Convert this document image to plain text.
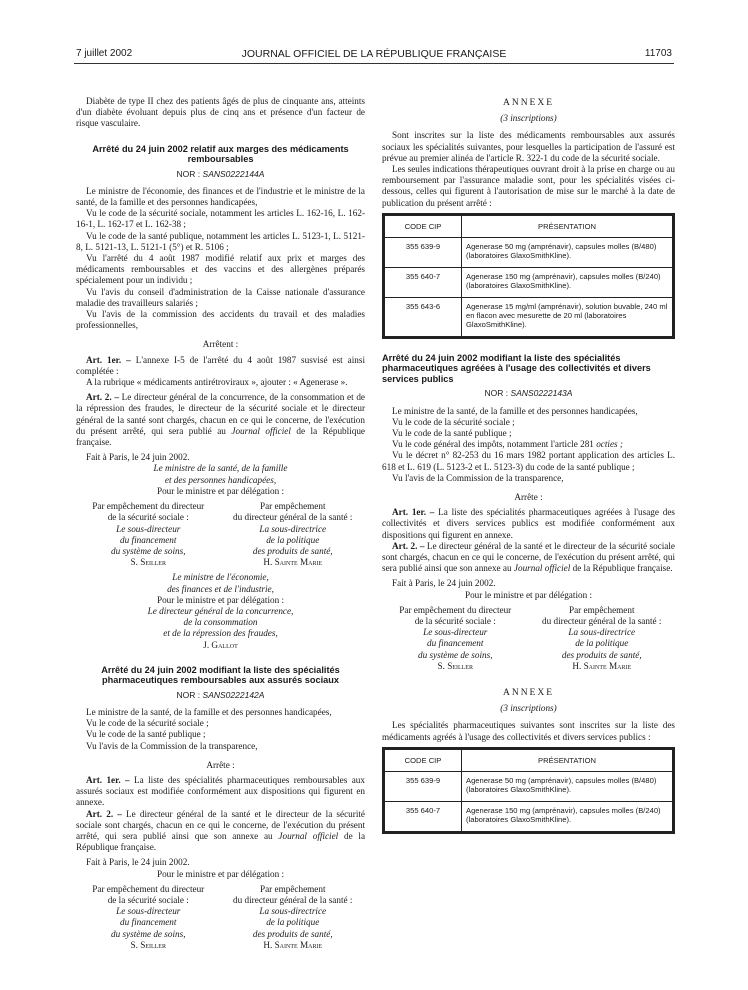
7 juillet 2002	JOURNAL OFFICIEL DE LA RÉPUBLIQUE FRANÇAISE	11703

Diabète de type II chez des patients âgés de plus de cinquante ans, atteints d'un diabète évoluant depuis plus de cinq ans et présence d'un facteur de risque vasculaire.

Arrêté du 24 juin 2002 relatif aux marges des médicaments remboursables
NOR : SANS0222144A

Le ministre de l'économie, des finances et de l'industrie et le ministre de la santé, de la famille et des personnes handicapées,

Vu le code de la sécurité sociale, notamment les articles L. 162-16, L. 162-16-1, L. 162-17 et L. 162-38 ;

Vu le code de la santé publique, notamment les articles L. 5123-1, L. 5121-8, L. 5121-13, L. 5121-1 (5°) et R. 5106 ;

Vu l'arrêté du 4 août 1987 modifié relatif aux prix et marges des médicaments remboursables et des vaccins et des allergènes préparés spécialement pour un individu ;

Vu l'avis du conseil d'administration de la Caisse nationale d'assurance maladie des travailleurs salariés ;

Vu l'avis de la commission des accidents du travail et des maladies professionnelles,

Arrêtent :

Art. 1er. – L'annexe I-5 de l'arrêté du 4 août 1987 susvisé est ainsi complétée :

A la rubrique « médicaments antirétroviraux », ajouter : « Agenerase ».

Art. 2. – Le directeur général de la concurrence, de la consommation et de la répression des fraudes, le directeur de la sécurité sociale et le directeur général de la santé sont chargés, chacun en ce qui le concerne, de l'exécution du présent arrêté, qui sera publié au Journal officiel de la République française.

Fait à Paris, le 24 juin 2002.

Le ministre de la santé, de la famille

et des personnes handicapées,

Pour le ministre et par délégation :

Par empêchement du directeur

de la sécurité sociale :

Le sous-directeur

du financement

du système de soins,

S. Seiller

Par empêchement

du directeur général de la santé :

La sous-directrice

de la politique

des produits de santé,

H. Sainte Marie

Le ministre de l'économie,

des finances et de l'industrie,

Pour le ministre et par délégation :

Le directeur général de la concurrence,

de la consommation

et de la répression des fraudes,

J. Gallot

Arrêté du 24 juin 2002 modifiant la liste des spécialités pharmaceutiques remboursables aux assurés sociaux
NOR : SANS0222142A

Le ministre de la santé, de la famille et des personnes handicapées,

Vu le code de la sécurité sociale ;

Vu le code de la santé publique ;

Vu l'avis de la Commission de la transparence,

Arrête :

Art. 1er. – La liste des spécialités pharmaceutiques remboursables aux assurés sociaux est modifiée conformément aux dispositions qui figurent en annexe.

Art. 2. – Le directeur général de la santé et le directeur de la sécurité sociale sont chargés, chacun en ce qui le concerne, de l'exécution du présent arrêté, qui sera publié ainsi que son annexe au Journal officiel de la République française.

Fait à Paris, le 24 juin 2002.

Pour le ministre et par délégation :

Par empêchement du directeur

de la sécurité sociale :

Le sous-directeur

du financement

du système de soins,

S. Seiller

Par empêchement

du directeur général de la santé :

La sous-directrice

de la politique

des produits de santé,

H. Sainte Marie

ANNEXE
(3 inscriptions)

Sont inscrites sur la liste des médicaments remboursables aux assurés sociaux les spécialités suivantes, pour lesquelles la participation de l'assuré est prévue au premier alinéa de l'article R. 322-1 du code de la sécurité sociale.

Les seules indications thérapeutiques ouvrant droit à la prise en charge ou au remboursement par l'assurance maladie sont, pour les spécialités visées ci-dessous, celles qui figurent à l'autorisation de mise sur le marché à la date de publication du présent arrêté :

CODE CIP	PRÉSENTATION
355 639-9	Agenerase 50 mg (amprénavir), capsules molles (B/480) (laboratoires GlaxoSmithKline).
355 640-7	Agenerase 150 mg (amprénavir), capsules molles (B/240) (laboratoires GlaxoSmithKline).
355 643-6	Agenerase 15 mg/ml (amprénavir), solution buvable, 240 ml en flacon avec mesurette de 20 ml (laboratoires GlaxoSmithKline).
Arrêté du 24 juin 2002 modifiant la liste des spécialités pharmaceutiques agréées à l'usage des collectivités et divers services publics
NOR : SANS0222143A

Le ministre de la santé, de la famille et des personnes handicapées,

Vu le code de la sécurité sociale ;

Vu le code de la santé publique ;

Vu le code général des impôts, notamment l'article 281 octies ;

Vu le décret n° 82-253 du 16 mars 1982 portant application des articles L. 618 et L. 619 (L. 5123-2 et L. 5123-3) du code de la santé publique ;

Vu l'avis de la Commission de la transparence,

Arrête :

Art. 1er. – La liste des spécialités pharmaceutiques agréées à l'usage des collectivités et divers services publics est modifiée conformément aux dispositions qui figurent en annexe.

Art. 2. – Le directeur général de la santé et le directeur de la sécurité sociale sont chargés, chacun en ce qui le concerne, de l'exécution du présent arrêté, qui sera publié ainsi que son annexe au Journal officiel de la République française.

Fait à Paris, le 24 juin 2002.

Pour le ministre et par délégation :

Par empêchement du directeur

de la sécurité sociale :

Le sous-directeur

du financement

du système de soins,

S. Seiller

Par empêchement

du directeur général de la santé :

La sous-directrice

de la politique

des produits de santé,

H. Sainte Marie

ANNEXE
(3 inscriptions)

Les spécialités pharmaceutiques suivantes sont inscrites sur la liste des médicaments agréés à l'usage des collectivités et divers services publics :

CODE CIP	PRÉSENTATION
355 639-9	Agenerase 50 mg (amprénavir), capsules molles (B/480) (laboratoires GlaxoSmithKline).
355 640-7	Agenerase 150 mg (amprénavir), capsules molles (B/240) (laboratoires GlaxoSmithKline).
